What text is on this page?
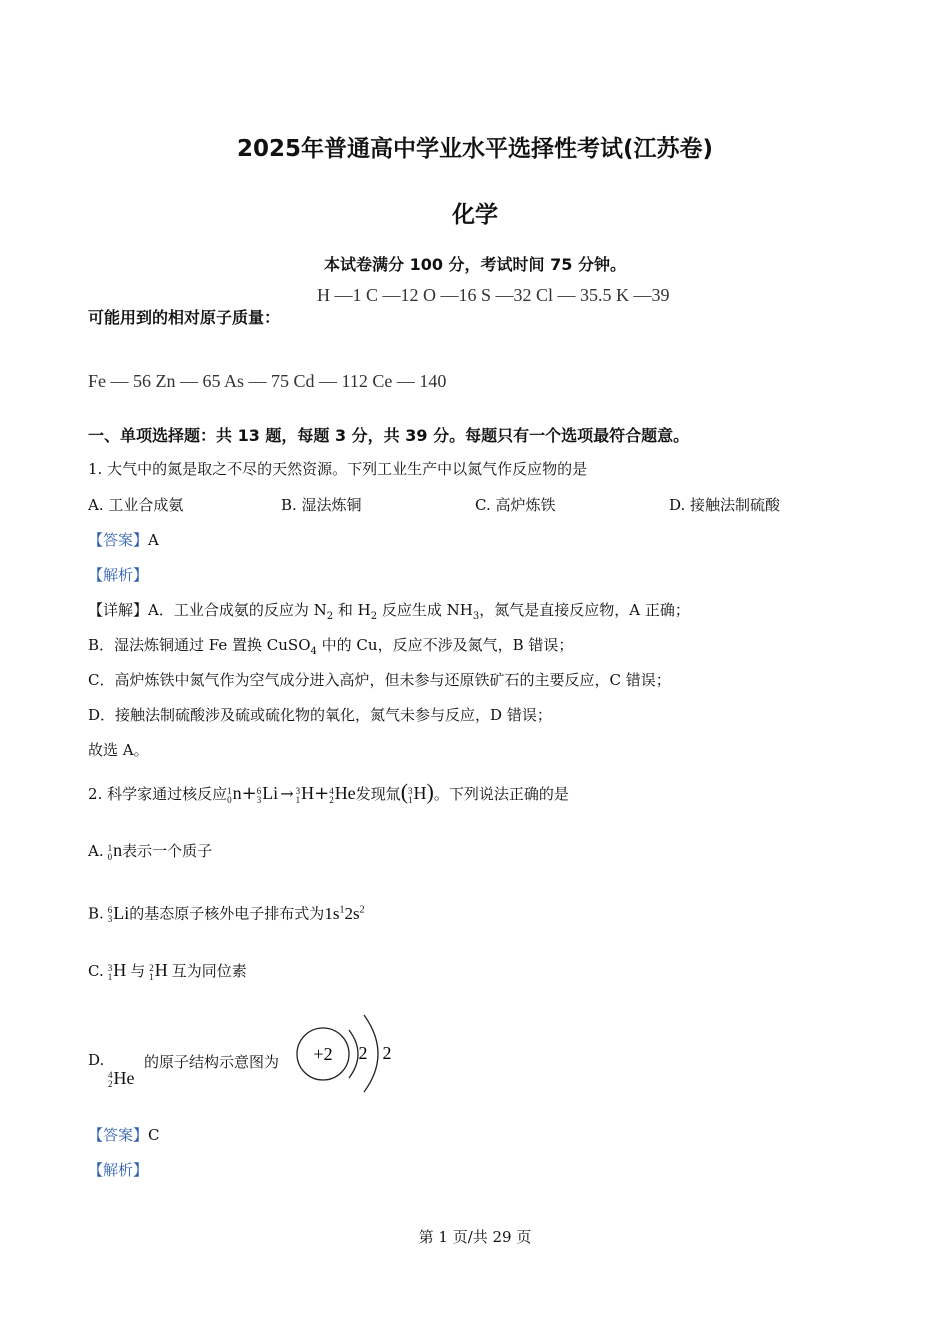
2025年普通高中学业水平选择性考试(江苏卷)
化学
本试卷满分 100 分，考试时间 75 分钟。
H —1 C —12 O —16 S —32 Cl — 35.5 K —39
可能用到的相对原子质量：
Fe — 56 Zn — 65 As — 75 Cd — 112 Ce — 140
一、单项选择题：共 13 题，每题 3 分，共 39 分。每题只有一个选项最符合题意。
1. 大气中的氮是取之不尽的天然资源。下列工业生产中以氮气作反应物的是
A. 工业合成氨	B. 湿法炼铜	C. 高炉炼铁	D. 接触法制硫酸
【答案】A
【解析】
【详解】A．工业合成氨的反应为 $N_2$ 和 $H_2$ 反应生成 $NH_3$，氮气是直接反应物，A 正确；
B．湿法炼铜通过 Fe 置换 CuSO$_4$ 中的 Cu，反应不涉及氮气，B 错误；
C．高炉炼铁中氮气作为空气成分进入高炉，但未参与还原铁矿石的主要反应，C 错误；
D．接触法制硫酸涉及硫或硫化物的氧化，氮气未参与反应，D 错误；
故选 A。
2. 科学家通过核反应 1
0 n+ 6
3 Li → 3
1 H+ 4
2 He发现氚( 3
1 H)。下列说法正确的是
A. 1
0 n表示一个质子
B. 6
3 Li的基态原子核外电子排布式为$1s^12s^2$
C. 3
1 H 与 2
1 H 互为同位素
D.
4
2 He
的原子结构示意图为 +2 2 2
【答案】C
【解析】
第 1 页/共 29 页
